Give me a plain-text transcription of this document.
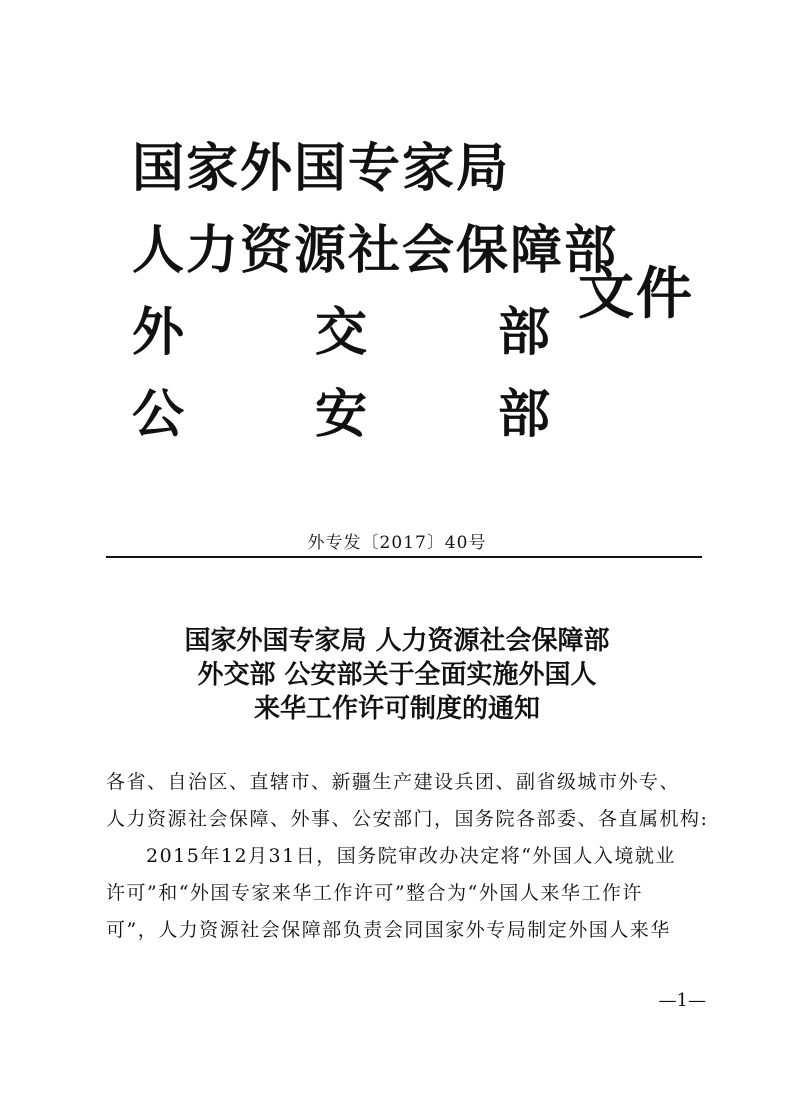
国家外国专家局
人力资源社会保障部
外 交 部
公 安 部
文件
外专发〔2017〕40号
国家外国专家局 人力资源社会保障部
外交部 公安部关于全面实施外国人
来华工作许可制度的通知

各省、自治区、直辖市、新疆生产建设兵团、副省级城市外专、

人力资源社会保障、外事、公安部门，国务院各部委、各直属机构:

2015年12月31日，国务院审改办决定将“外国人入境就业

许可”和“外国专家来华工作许可”整合为“外国人来华工作许

可”，人力资源社会保障部负责会同国家外专局制定外国人来华

—1—
